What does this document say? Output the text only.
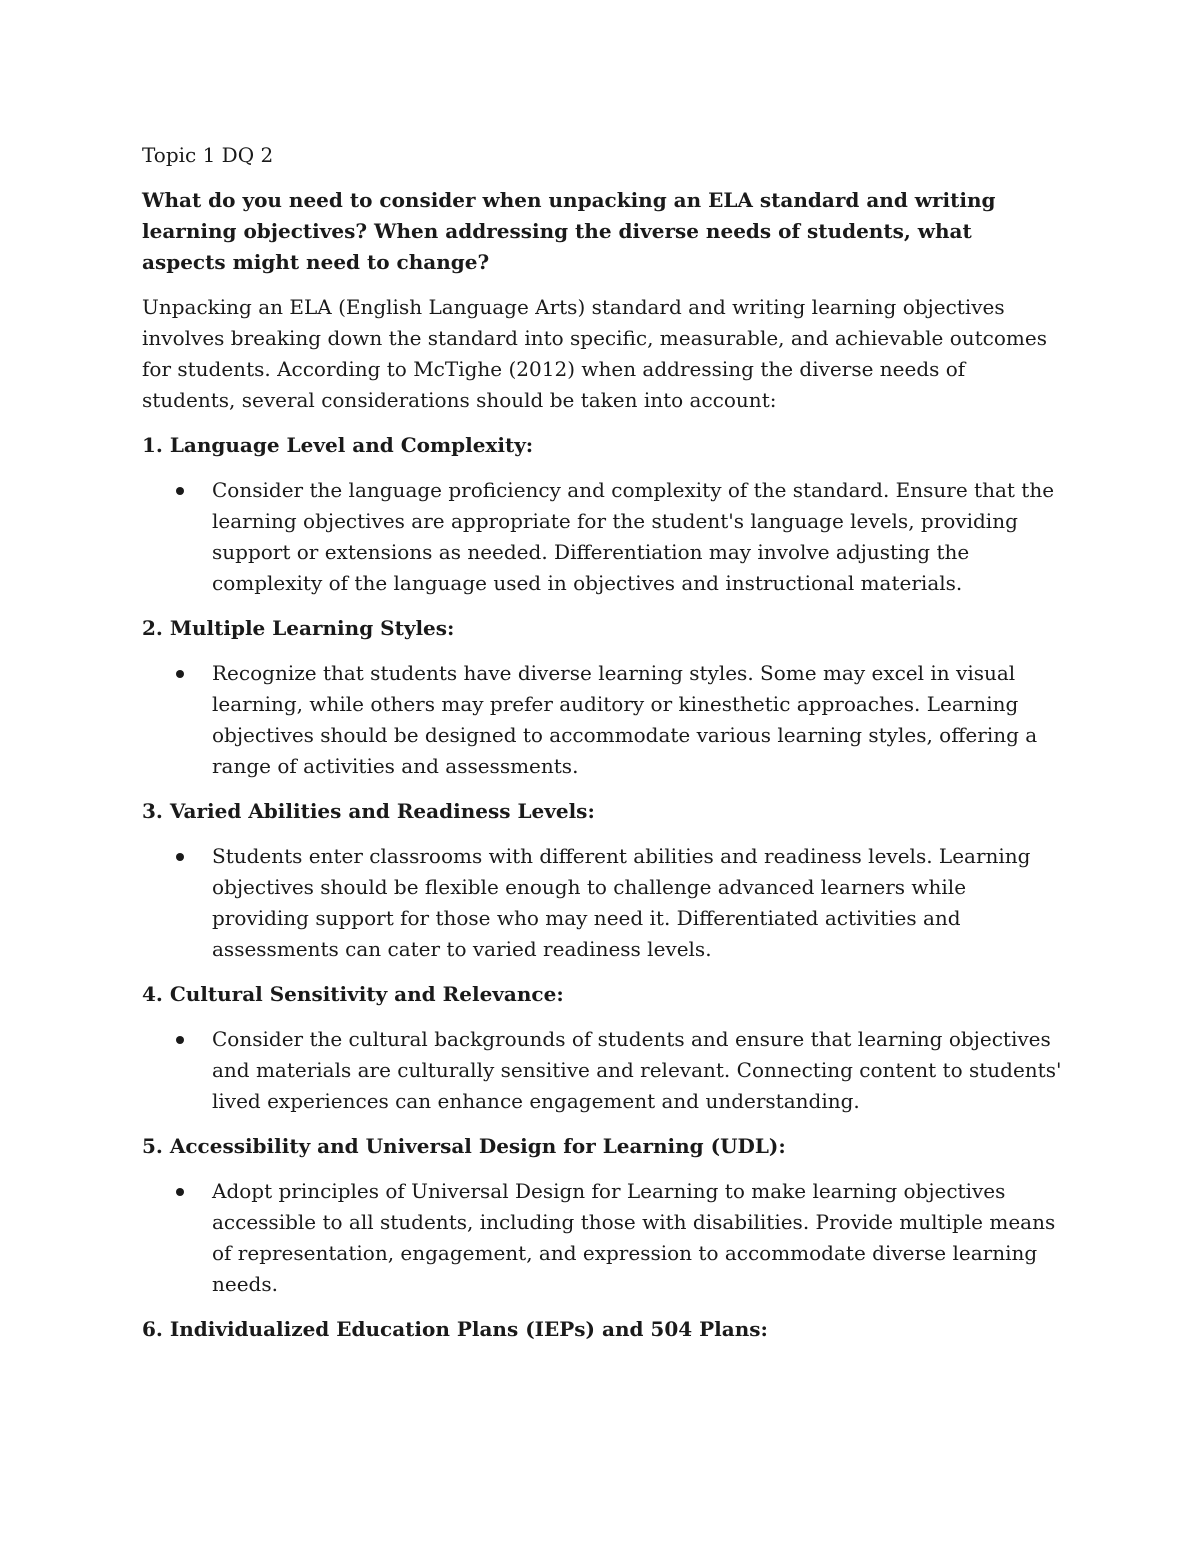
Topic 1 DQ 2

What do you need to consider when unpacking an ELA standard and writing learning objectives? When addressing the diverse needs of students, what aspects might need to change?

Unpacking an ELA (English Language Arts) standard and writing learning objectives involves breaking down the standard into specific, measurable, and achievable outcomes for students. According to McTighe (2012) when addressing the diverse needs of students, several considerations should be taken into account:

1. Language Level and Complexity:

Consider the language proficiency and complexity of the standard. Ensure that the learning objectives are appropriate for the student's language levels, providing support or extensions as needed. Differentiation may involve adjusting the complexity of the language used in objectives and instructional materials.

2. Multiple Learning Styles:

Recognize that students have diverse learning styles. Some may excel in visual learning, while others may prefer auditory or kinesthetic approaches. Learning objectives should be designed to accommodate various learning styles, offering a range of activities and assessments.

3. Varied Abilities and Readiness Levels:

Students enter classrooms with different abilities and readiness levels. Learning objectives should be flexible enough to challenge advanced learners while providing support for those who may need it. Differentiated activities and assessments can cater to varied readiness levels.

4. Cultural Sensitivity and Relevance:

Consider the cultural backgrounds of students and ensure that learning objectives and materials are culturally sensitive and relevant. Connecting content to students' lived experiences can enhance engagement and understanding.

5. Accessibility and Universal Design for Learning (UDL):

Adopt principles of Universal Design for Learning to make learning objectives accessible to all students, including those with disabilities. Provide multiple means of representation, engagement, and expression to accommodate diverse learning needs.

6. Individualized Education Plans (IEPs) and 504 Plans:
